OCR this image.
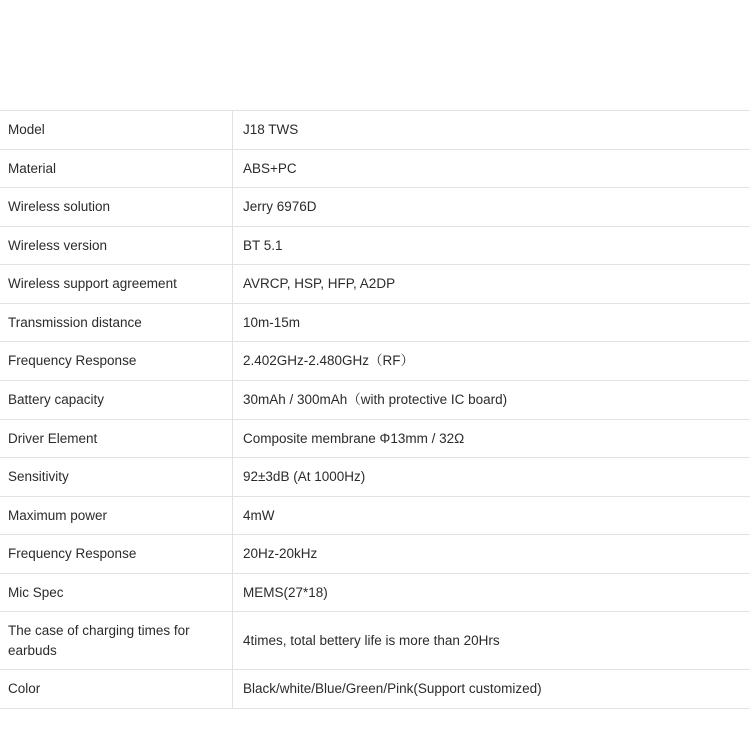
Model	J18 TWS
Material	ABS+PC
Wireless solution	Jerry 6976D
Wireless version	BT 5.1
Wireless support agreement	AVRCP, HSP, HFP, A2DP
Transmission distance	10m-15m
Frequency Response	2.402GHz-2.480GHz（RF）
Battery capacity	30mAh / 300mAh（with protective IC board)
Driver Element	Composite membrane Φ13mm / 32Ω
Sensitivity	92±3dB (At 1000Hz)
Maximum power	4mW
Frequency Response	20Hz-20kHz
Mic Spec	MEMS(27*18)
The case of charging times for earbuds	4times, total bettery life is more than 20Hrs
Color	Black/white/Blue/Green/Pink(Support customized)
